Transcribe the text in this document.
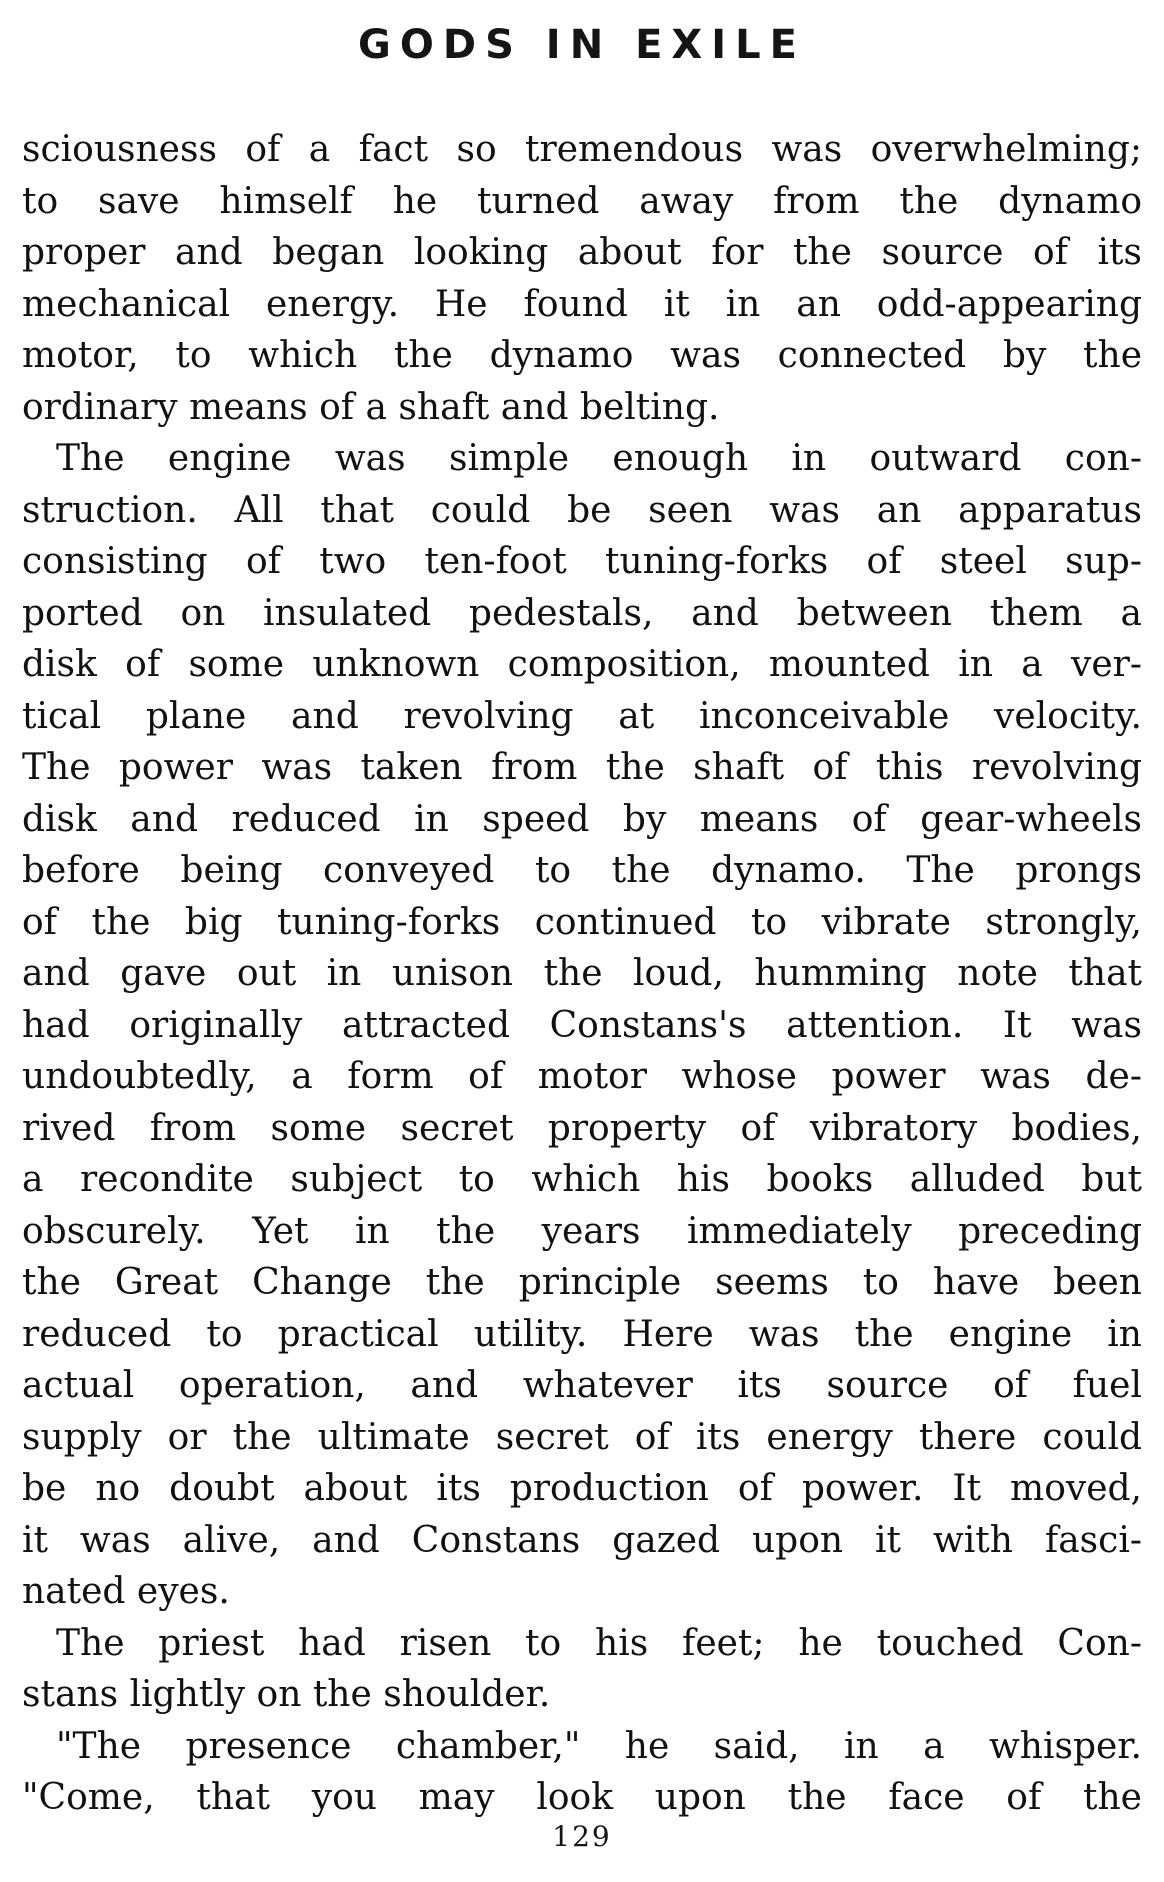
GODS IN EXILE
sciousness of a fact so tremendous was overwhelming;
to save himself he turned away from the dynamo
proper and began looking about for the source of its
mechanical energy. He found it in an odd-appearing
motor, to which the dynamo was connected by the
ordinary means of a shaft and belting.
The engine was simple enough in outward con-
struction. All that could be seen was an apparatus
consisting of two ten-foot tuning-forks of steel sup-
ported on insulated pedestals, and between them a
disk of some unknown composition, mounted in a ver-
tical plane and revolving at inconceivable velocity.
The power was taken from the shaft of this revolving
disk and reduced in speed by means of gear-wheels
before being conveyed to the dynamo. The prongs
of the big tuning-forks continued to vibrate strongly,
and gave out in unison the loud, humming note that
had originally attracted Constans's attention. It was
undoubtedly, a form of motor whose power was de-
rived from some secret property of vibratory bodies,
a recondite subject to which his books alluded but
obscurely. Yet in the years immediately preceding
the Great Change the principle seems to have been
reduced to practical utility. Here was the engine in
actual operation, and whatever its source of fuel
supply or the ultimate secret of its energy there could
be no doubt about its production of power. It moved,
it was alive, and Constans gazed upon it with fasci-
nated eyes.
The priest had risen to his feet; he touched Con-
stans lightly on the shoulder.
"The presence chamber," he said, in a whisper.
"Come, that you may look upon the face of the
129
